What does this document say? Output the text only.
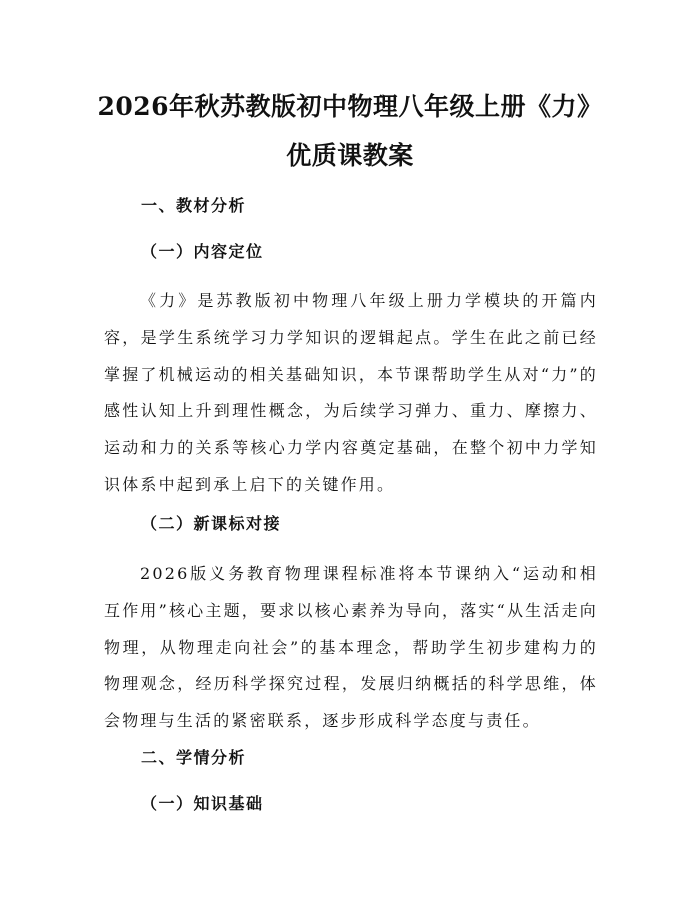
2026年秋苏教版初中物理八年级上册《力》
优质课教案
一、教材分析
（一）内容定位

《力》是苏教版初中物理八年级上册力学模块的开篇内容，是学生系统学习力学知识的逻辑起点。学生在此之前已经掌握了机械运动的相关基础知识，本节课帮助学生从对“力”的感性认知上升到理性概念，为后续学习弹力、重力、摩擦力、运动和力的关系等核心力学内容奠定基础，在整个初中力学知识体系中起到承上启下的关键作用。

（二）新课标对接

2026版义务教育物理课程标准将本节课纳入“运动和相互作用”核心主题，要求以核心素养为导向，落实“从生活走向物理，从物理走向社会”的基本理念，帮助学生初步建构力的物理观念，经历科学探究过程，发展归纳概括的科学思维，体会物理与生活的紧密联系，逐步形成科学态度与责任。

二、学情分析
（一）知识基础
